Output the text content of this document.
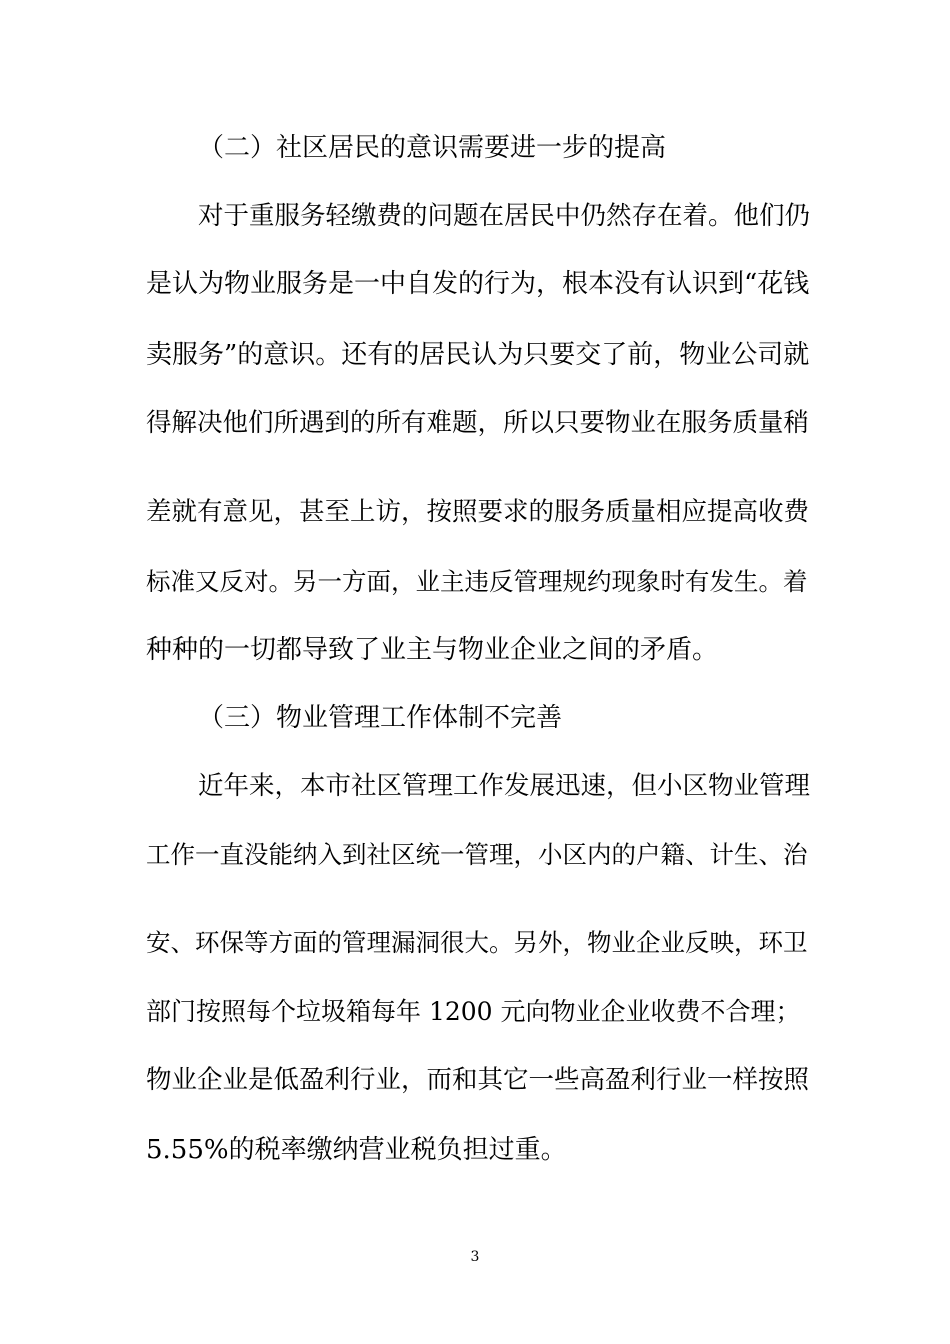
（二）社区居民的意识需要进一步的提高
对于重服务轻缴费的问题在居民中仍然存在着。他们仍
是认为物业服务是一中自发的行为，根本没有认识到“花钱
卖服务”的意识。还有的居民认为只要交了前，物业公司就
得解决他们所遇到的所有难题，所以只要物业在服务质量稍
差就有意见，甚至上访，按照要求的服务质量相应提高收费
标准又反对。另一方面，业主违反管理规约现象时有发生。着
种种的一切都导致了业主与物业企业之间的矛盾。
（三）物业管理工作体制不完善
近年来，本市社区管理工作发展迅速，但小区物业管理
工作一直没能纳入到社区统一管理，小区内的户籍、计生、治
安、环保等方面的管理漏洞很大。另外，物业企业反映，环卫
部门按照每个垃圾箱每年 1200 元向物业企业收费不合理；
物业企业是低盈利行业，而和其它一些高盈利行业一样按照
5.55%的税率缴纳营业税负担过重。
3
